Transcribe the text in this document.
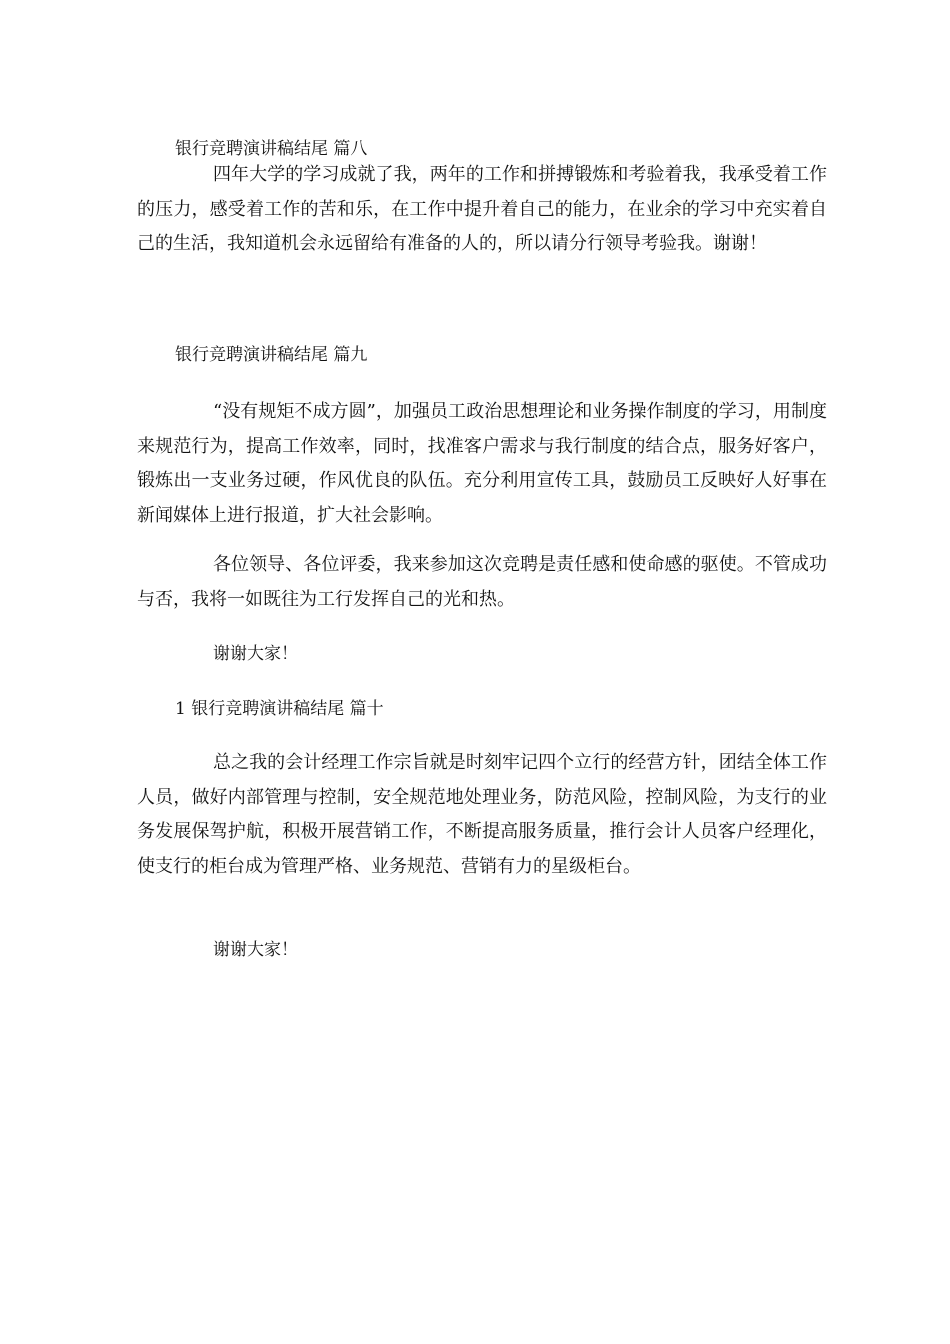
银行竞聘演讲稿结尾 篇八

四年大学的学习成就了我，两年的工作和拼搏锻炼和考验着我，我承受着工作的压力，感受着工作的苦和乐，在工作中提升着自己的能力，在业余的学习中充实着自己的生活，我知道机会永远留给有准备的人的，所以请分行领导考验我。谢谢！

银行竞聘演讲稿结尾 篇九

“没有规矩不成方圆”，加强员工政治思想理论和业务操作制度的学习，用制度来规范行为，提高工作效率，同时，找准客户需求与我行制度的结合点，服务好客户，锻炼出一支业务过硬，作风优良的队伍。充分利用宣传工具，鼓励员工反映好人好事在新闻媒体上进行报道，扩大社会影响。

各位领导、各位评委，我来参加这次竞聘是责任感和使命感的驱使。不管成功与否，我将一如既往为工行发挥自己的光和热。

谢谢大家！

1 银行竞聘演讲稿结尾 篇十

总之我的会计经理工作宗旨就是时刻牢记四个立行的经营方针，团结全体工作人员，做好内部管理与控制，安全规范地处理业务，防范风险，控制风险，为支行的业务发展保驾护航，积极开展营销工作，不断提高服务质量，推行会计人员客户经理化，使支行的柜台成为管理严格、业务规范、营销有力的星级柜台。

谢谢大家！
